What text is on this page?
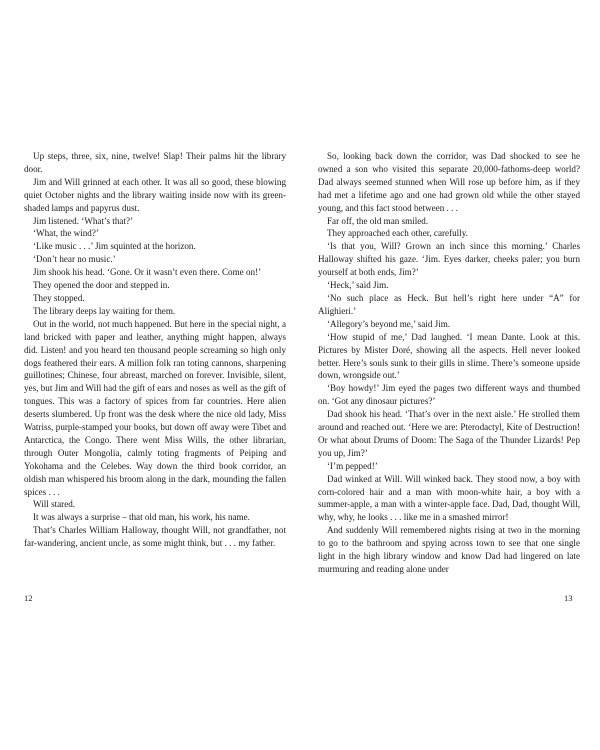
Up steps, three, six, nine, twelve! Slap! Their palms hit the library door.

Jim and Will grinned at each other. It was all so good, these blowing quiet October nights and the library waiting inside now with its green-shaded lamps and papyrus dust.

Jim listened. ‘What’s that?’

‘What, the wind?’

‘Like music . . .’ Jim squinted at the horizon.

‘Don’t hear no music.’

Jim shook his head. ‘Gone. Or it wasn’t even there. Come on!’

They opened the door and stepped in.

They stopped.

The library deeps lay waiting for them.

Out in the world, not much happened. But here in the special night, a land bricked with paper and leather, anything might happen, always did. Listen! and you heard ten thousand people screaming so high only dogs feathered their ears. A million folk ran toting cannons, sharpening guillotines; Chinese, four abreast, marched on forever. Invisible, silent, yes, but Jim and Will had the gift of ears and noses as well as the gift of tongues. This was a factory of spices from far countries. Here alien deserts slumbered. Up front was the desk where the nice old lady, Miss Watriss, purple-stamped your books, but down off away were Tibet and Antarctica, the Congo. There went Miss Wills, the other librarian, through Outer Mongolia, calmly toting fragments of Peiping and Yokohama and the Celebes. Way down the third book corridor, an oldish man whispered his broom along in the dark, mounding the fallen spices . . .

Will stared.

It was always a surprise – that old man, his work, his name.

That’s Charles William Halloway, thought Will, not grandfather, not far-wandering, ancient uncle, as some might think, but . . . my father.

So, looking back down the corridor, was Dad shocked to see he owned a son who visited this separate 20,000-fathoms-deep world? Dad always seemed stunned when Will rose up before him, as if they had met a lifetime ago and one had grown old while the other stayed young, and this fact stood between . . .

Far off, the old man smiled.

They approached each other, carefully.

‘Is that you, Will? Grown an inch since this morning.’ Charles Halloway shifted his gaze. ‘Jim. Eyes darker, cheeks paler; you burn yourself at both ends, Jim?’

‘Heck,’ said Jim.

‘No such place as Heck. But hell’s right here under “A” for Alighieri.’

‘Allegory’s beyond me,’ said Jim.

‘How stupid of me,’ Dad laughed. ‘I mean Dante. Look at this. Pictures by Mister Doré, showing all the aspects. Hell never looked better. Here’s souls sunk to their gills in slime. There’s someone upside down, wrongside out.’

‘Boy howdy!’ Jim eyed the pages two different ways and thumbed on. ‘Got any dinosaur pictures?’

Dad shook his head. ‘That’s over in the next aisle.’ He strolled them around and reached out. ‘Here we are: Pterodactyl, Kite of Destruction! Or what about Drums of Doom: The Saga of the Thunder Lizards! Pep you up, Jim?’

‘I’m pepped!’

Dad winked at Will. Will winked back. They stood now, a boy with corn-colored hair and a man with moon-white hair, a boy with a summer-apple, a man with a winter-apple face. Dad, Dad, thought Will, why, why, he looks . . . like me in a smashed mirror!

And suddenly Will remembered nights rising at two in the morning to go to the bathroom and spying across town to see that one single light in the high library window and know Dad had lingered on late murmuring and reading alone under

12	13
